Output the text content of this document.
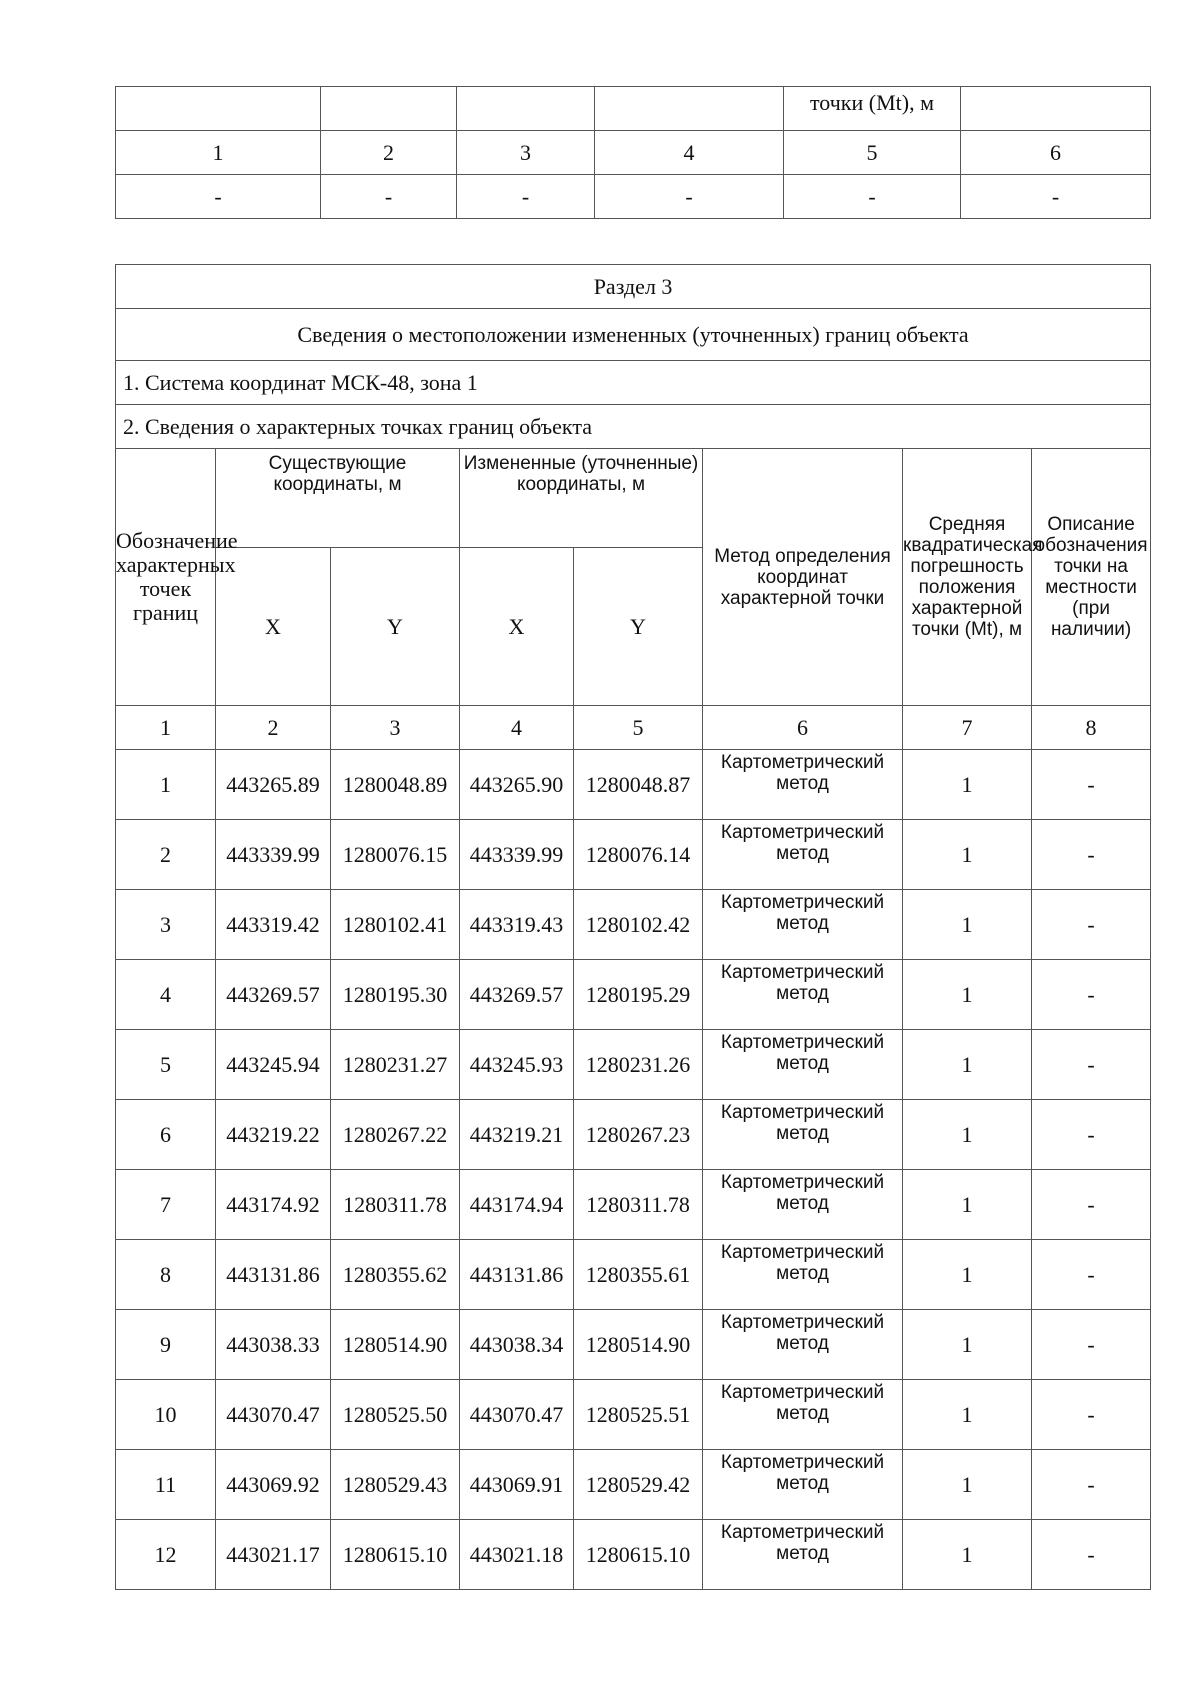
				точки (Mt), м	
1	2	3	4	5	6
-	-	-	-	-	-
Раздел 3							
Сведения о местоположении измененных (уточненных) границ объекта							
1. Система координат МСК-48, зона 1							
2. Сведения о характерных точках границ объекта							
Обозначение характерных точек границ	Существующие координаты, м		Измененные (уточненные) координаты, м		Метод определения координат характерной точки	Средняя квадратическая погрешность положения характерной точки (Mt), м	Описание обозначения точки на местности (при наличии)
	X	Y	X	Y			
1	2	3	4	5	6	7	8
1	443265.89	1280048.89	443265.90	1280048.87	Картометрический метод	1	-
2	443339.99	1280076.15	443339.99	1280076.14	Картометрический метод	1	-
3	443319.42	1280102.41	443319.43	1280102.42	Картометрический метод	1	-
4	443269.57	1280195.30	443269.57	1280195.29	Картометрический метод	1	-
5	443245.94	1280231.27	443245.93	1280231.26	Картометрический метод	1	-
6	443219.22	1280267.22	443219.21	1280267.23	Картометрический метод	1	-
7	443174.92	1280311.78	443174.94	1280311.78	Картометрический метод	1	-
8	443131.86	1280355.62	443131.86	1280355.61	Картометрический метод	1	-
9	443038.33	1280514.90	443038.34	1280514.90	Картометрический метод	1	-
10	443070.47	1280525.50	443070.47	1280525.51	Картометрический метод	1	-
11	443069.92	1280529.43	443069.91	1280529.42	Картометрический метод	1	-
12	443021.17	1280615.10	443021.18	1280615.10	Картометрический метод	1	-
